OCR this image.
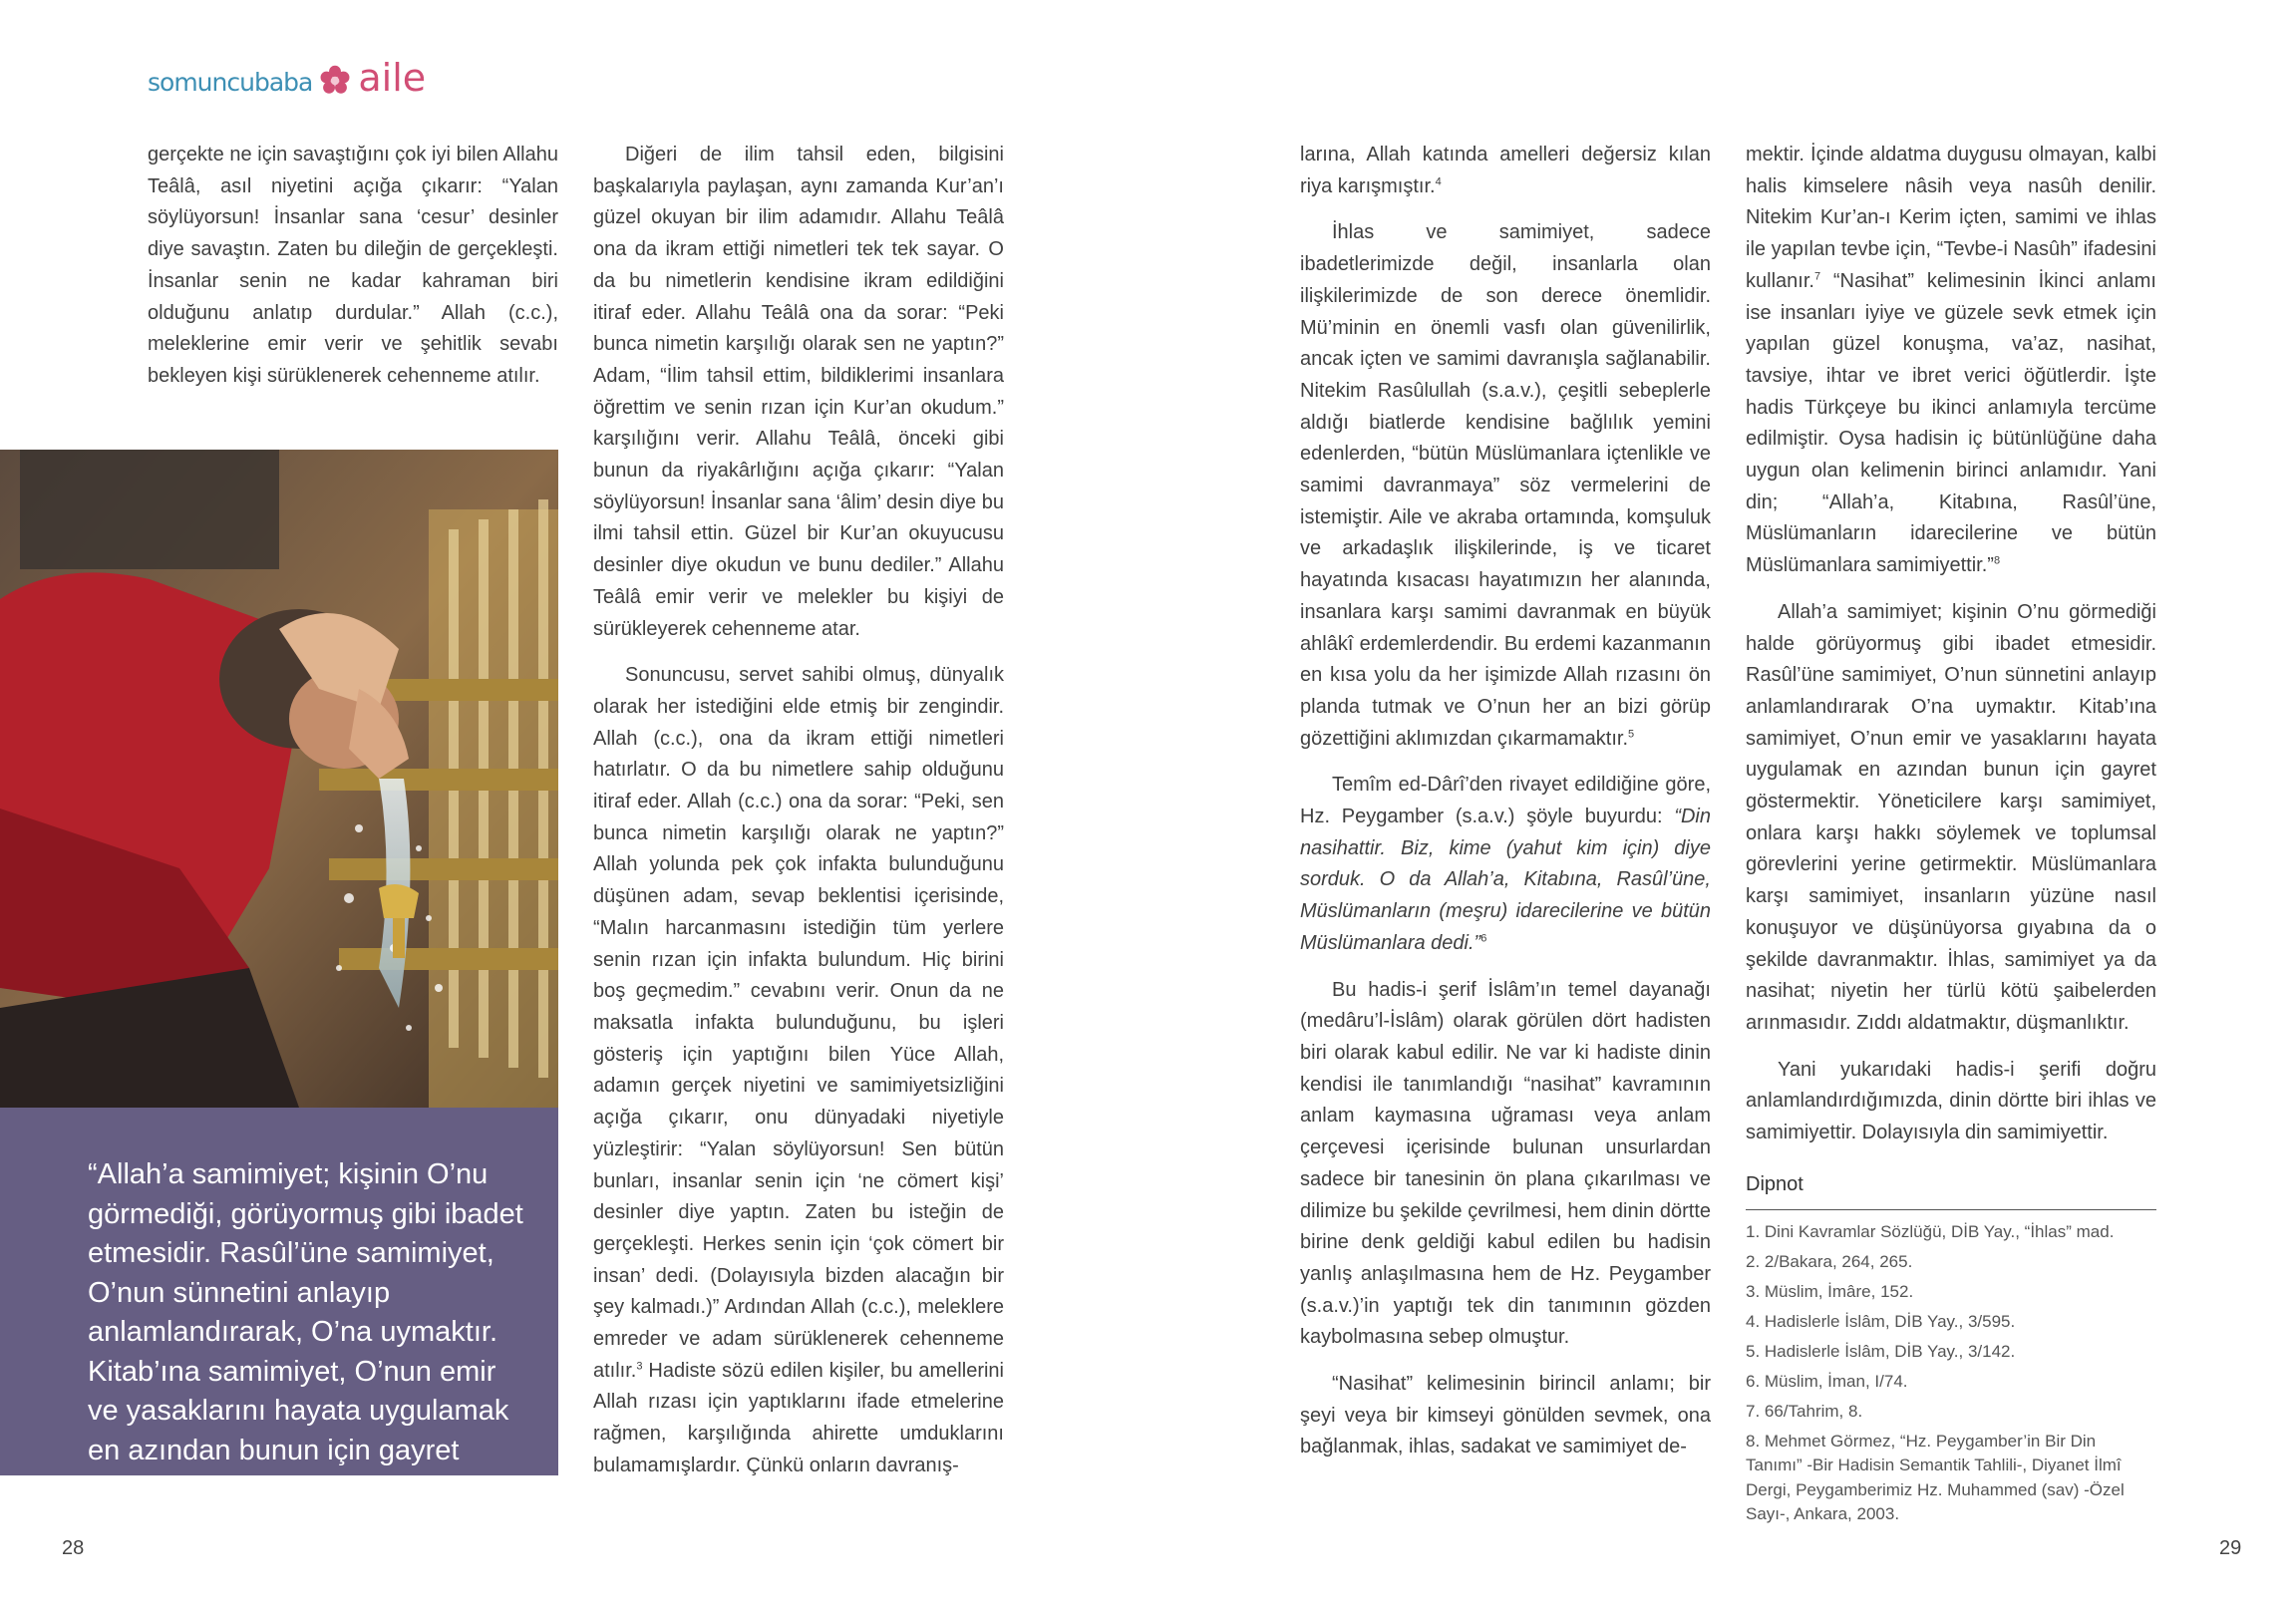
somuncubaba aile

gerçekte ne için savaştığını çok iyi bilen Allahu Teâlâ, asıl niyetini açığa çıkarır: “Yalan söylüyorsun! İnsanlar sana ‘cesur’ desinler diye savaştın. Zaten bu dileğin de gerçekleşti. İnsanlar senin ne kadar kahraman biri olduğunu anlatıp durdular.” Allah (c.c.), meleklerine emir verir ve şehitlik sevabı bekleyen kişi sürüklenerek cehenneme atılır.

“Allah’a samimiyet; kişinin O’nu görmediği, görüyormuş gibi ibadet etmesidir. Rasûl’üne samimiyet, O’nun sünnetini anlayıp anlamlandırarak, O’na uymaktır. Kitab’ına samimiyet, O’nun emir ve yasaklarını hayata uygulamak en azından bunun için gayret göstermektir.”

Diğeri de ilim tahsil eden, bilgisini başkalarıyla paylaşan, aynı zamanda Kur’an’ı güzel okuyan bir ilim adamıdır. Allahu Teâlâ ona da ikram ettiği nimetleri tek tek sayar. O da bu nimetlerin kendisine ikram edildiğini itiraf eder. Allahu Teâlâ ona da sorar: “Peki bunca nimetin karşılığı olarak sen ne yaptın?” Adam, “İlim tahsil ettim, bildiklerimi insanlara öğrettim ve senin rızan için Kur’an okudum.” karşılığını verir. Allahu Teâlâ, önceki gibi bunun da riyakârlığını açığa çıkarır: “Yalan söylüyorsun! İnsanlar sana ‘âlim’ desin diye bu ilmi tahsil ettin. Güzel bir Kur’an okuyucusu desinler diye okudun ve bunu dediler.” Allahu Teâlâ emir verir ve melekler bu kişiyi de sürükleyerek cehenneme atar.

Sonuncusu, servet sahibi olmuş, dünyalık olarak her istediğini elde etmiş bir zengindir. Allah (c.c.), ona da ikram ettiği nimetleri hatırlatır. O da bu nimetlere sahip olduğunu itiraf eder. Allah (c.c.) ona da sorar: “Peki, sen bunca nimetin karşılığı olarak ne yaptın?” Allah yolunda pek çok infakta bulunduğunu düşünen adam, sevap beklentisi içerisinde, “Malın harcanmasını istediğin tüm yerlere senin rızan için infakta bulundum. Hiç birini boş geçmedim.” cevabını verir. Onun da ne maksatla infakta bulunduğunu, bu işleri gösteriş için yaptığını bilen Yüce Allah, adamın gerçek niyetini ve samimiyetsizliğini açığa çıkarır, onu dünyadaki niyetiyle yüzleştirir: “Yalan söylüyorsun! Sen bütün bunları, insanlar senin için ‘ne cömert kişi’ desinler diye yaptın. Zaten bu isteğin de gerçekleşti. Herkes senin için ‘çok cömert bir insan’ dedi. (Dolayısıyla bizden alacağın bir şey kalmadı.)” Ardından Allah (c.c.), meleklere emreder ve adam sürüklenerek cehenneme atılır.$^3$ Hadiste sözü edilen kişiler, bu amellerini Allah rızası için yaptıklarını ifade etmelerine rağmen, karşılığında ahirette umduklarını bulamamışlardır. Çünkü onların davranış-

larına, Allah katında amelleri değersiz kılan riya karışmıştır.$^4$

İhlas ve samimiyet, sadece ibadetlerimizde değil, insanlarla olan ilişkilerimizde de son derece önemlidir. Mü’minin en önemli vasfı olan güvenilirlik, ancak içten ve samimi davranışla sağlanabilir. Nitekim Rasûlullah (s.a.v.), çeşitli sebeplerle aldığı biatlerde kendisine bağlılık yemini edenlerden, “bütün Müslümanlara içtenlikle ve samimi davranmaya” söz vermelerini de istemiştir. Aile ve akraba ortamında, komşuluk ve arkadaşlık ilişkilerinde, iş ve ticaret hayatında kısacası hayatımızın her alanında, insanlara karşı samimi davranmak en büyük ahlâkî erdemlerdendir. Bu erdemi kazanmanın en kısa yolu da her işimizde Allah rızasını ön planda tutmak ve O’nun her an bizi görüp gözettiğini aklımızdan çıkarmamaktır.$^5$

Temîm ed-Dârî’den rivayet edildiğine göre, Hz. Peygamber (s.a.v.) şöyle buyurdu: “Din nasihattir. Biz, kime (yahut kim için) diye sorduk. O da Allah’a, Kitabına, Rasûl’üne, Müslümanların (meşru) idarecilerine ve bütün Müslümanlara dedi.”$^6$

Bu hadis-i şerif İslâm’ın temel dayanağı (medâru’l-İslâm) olarak görülen dört hadisten biri olarak kabul edilir. Ne var ki hadiste dinin kendisi ile tanımlandığı “nasihat” kavramının anlam kaymasına uğraması veya anlam çerçevesi içerisinde bulunan unsurlardan sadece bir tanesinin ön plana çıkarılması ve dilimize bu şekilde çevrilmesi, hem dinin dörtte birine denk geldiği kabul edilen bu hadisin yanlış anlaşılmasına hem de Hz. Peygamber (s.a.v.)’in yaptığı tek din tanımının gözden kaybolmasına sebep olmuştur.

“Nasihat” kelimesinin birincil anlamı; bir şeyi veya bir kimseyi gönülden sevmek, ona bağlanmak, ihlas, sadakat ve samimiyet de-

mektir. İçinde aldatma duygusu olmayan, kalbi halis kimselere nâsih veya nasûh denilir. Nitekim Kur’an-ı Kerim içten, samimi ve ihlas ile yapılan tevbe için, “Tevbe-i Nasûh” ifadesini kullanır.$^7$ “Nasihat” kelimesinin İkinci anlamı ise insanları iyiye ve güzele sevk etmek için yapılan güzel konuşma, va’az, nasihat, tavsiye, ihtar ve ibret verici öğütlerdir. İşte hadis Türkçeye bu ikinci anlamıyla tercüme edilmiştir. Oysa hadisin iç bütünlüğüne daha uygun olan kelimenin birinci anlamıdır. Yani din; “Allah’a, Kitabına, Rasûl’üne, Müslümanların idarecilerine ve bütün Müslümanlara samimiyettir.”$^8$

Allah’a samimiyet; kişinin O’nu görmediği halde görüyormuş gibi ibadet etmesidir. Rasûl’üne samimiyet, O’nun sünnetini anlayıp anlamlandırarak O’na uymaktır. Kitab’ına samimiyet, O’nun emir ve yasaklarını hayata uygulamak en azından bunun için gayret göstermektir. Yöneticilere karşı samimiyet, onlara karşı hakkı söylemek ve toplumsal görevlerini yerine getirmektir. Müslümanlara karşı samimiyet, insanların yüzüne nasıl konuşuyor ve düşünüyorsa gıyabına da o şekilde davranmaktır. İhlas, samimiyet ya da nasihat; niyetin her türlü kötü şaibelerden arınmasıdır. Zıddı aldatmaktır, düşmanlıktır.

Yani yukarıdaki hadis-i şerifi doğru anlamlandırdığımızda, dinin dörtte biri ihlas ve samimiyettir. Dolayısıyla din samimiyettir.

Dipnot
1. Dini Kavramlar Sözlüğü, DİB Yay., “İhlas” mad.
2. 2/Bakara, 264, 265.
3. Müslim, İmâre, 152.
4. Hadislerle İslâm, DİB Yay., 3/595.
5. Hadislerle İslâm, DİB Yay., 3/142.
6. Müslim, İman, I/74.
7. 66/Tahrim, 8.
8. Mehmet Görmez, “Hz. Peygamber’in Bir Din Tanımı” -Bir Hadisin Semantik Tahlili-, Diyanet İlmî Dergi, Peygamberimiz Hz. Muhammed (sav) -Özel Sayı-, Ankara, 2003.
28	29
